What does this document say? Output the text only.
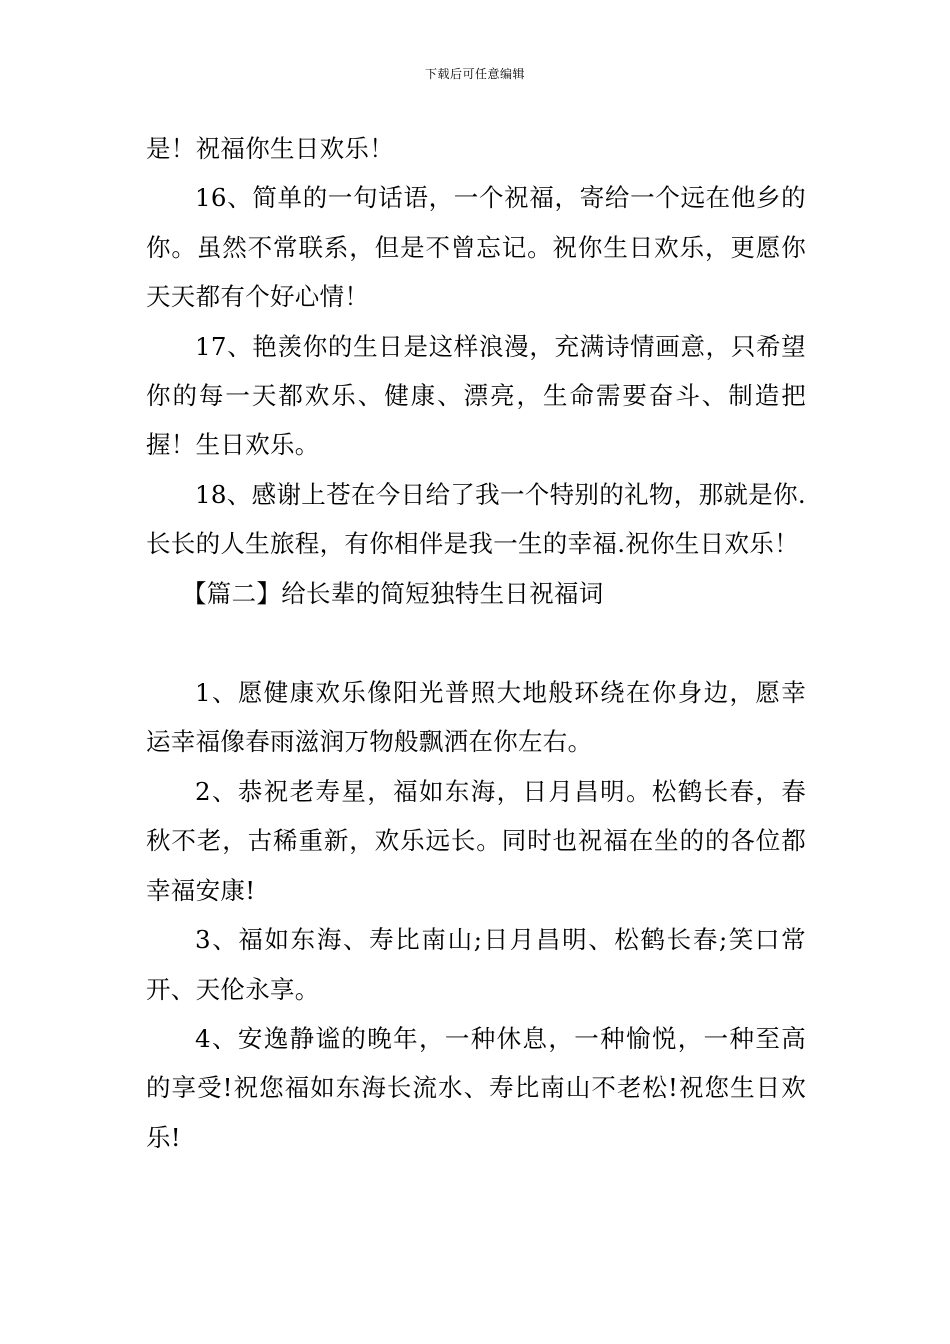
下载后可任意编辑

是！祝福你生日欢乐！

16、简单的一句话语，一个祝福，寄给一个远在他乡的你。虽然不常联系，但是不曾忘记。祝你生日欢乐，更愿你天天都有个好心情！

17、艳羡你的生日是这样浪漫，充满诗情画意，只希望你的每一天都欢乐、健康、漂亮，生命需要奋斗、制造把握！生日欢乐。

18、感谢上苍在今日给了我一个特别的礼物，那就是你.长长的人生旅程，有你相伴是我一生的幸福.祝你生日欢乐！

【篇二】给长辈的简短独特生日祝福词

1、愿健康欢乐像阳光普照大地般环绕在你身边，愿幸运幸福像春雨滋润万物般飘洒在你左右。

2、恭祝老寿星，福如东海，日月昌明。松鹤长春，春秋不老，古稀重新，欢乐远长。同时也祝福在坐的的各位都幸福安康!

3、福如东海、寿比南山;日月昌明、松鹤长春;笑口常开、天伦永享。

4、安逸静谧的晚年，一种休息，一种愉悦，一种至高的享受!祝您福如东海长流水、寿比南山不老松!祝您生日欢乐!
